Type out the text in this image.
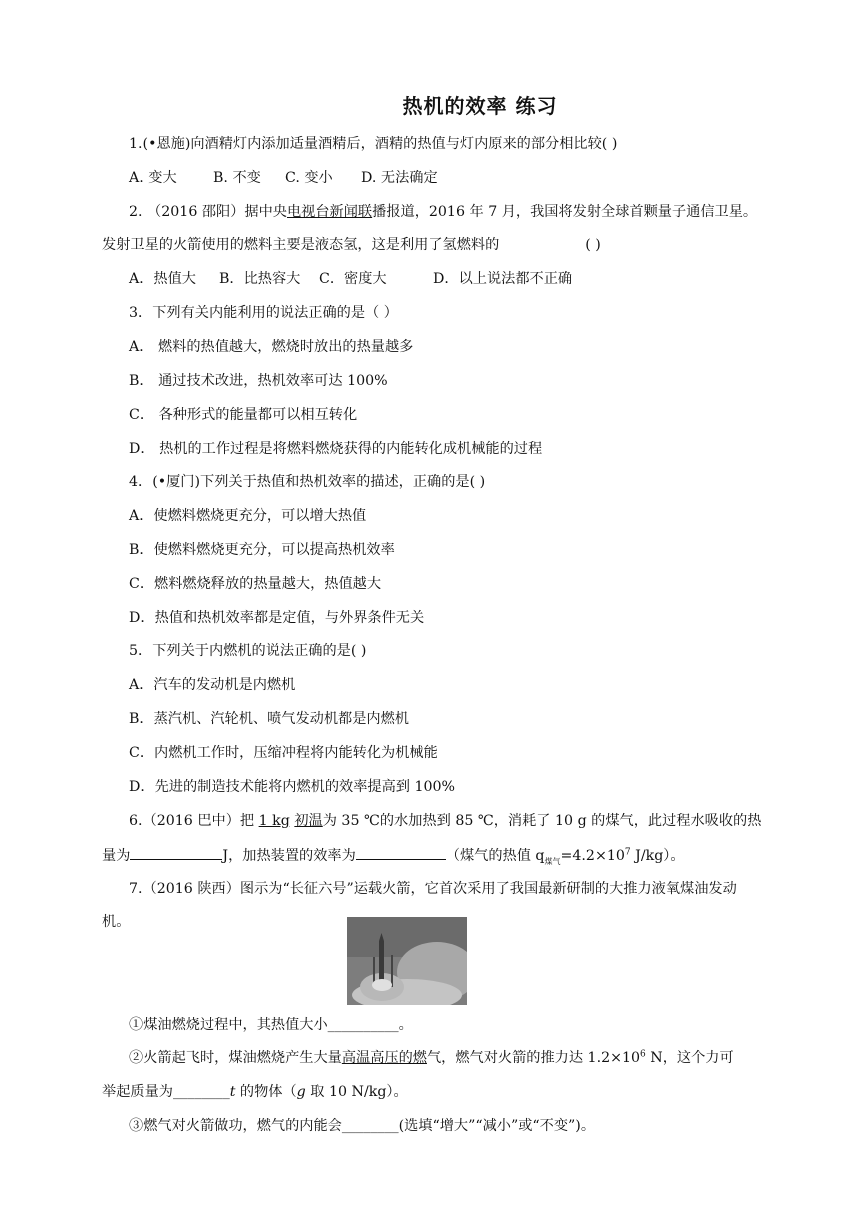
热机的效率 练习
1.(•恩施)向酒精灯内添加适量酒精后，酒精的热值与灯内原来的部分相比较( )
A. 变大	B. 不变 C. 变小 D. 无法确定
2. （2016 邵阳）据中央电视台新闻联播报道，2016 年 7 月，我国将发射全球首颗量子通信卫星。
发射卫星的火箭使用的燃料主要是液态氢，这是利用了氢燃料的	( )
A．热值大 B．比热容大 C．密度大	D．以上说法都不正确
3．下列有关内能利用的说法正确的是（ ）
A． 燃料的热值越大，燃烧时放出的热量越多
B． 通过技术改进，热机效率可达 100%
C． 各种形式的能量都可以相互转化
D． 热机的工作过程是将燃料燃烧获得的内能转化成机械能的过程
4．(•厦门)下列关于热值和热机效率的描述，正确的是( )
A．使燃料燃烧更充分，可以增大热值
B．使燃料燃烧更充分，可以提高热机效率
C．燃料燃烧释放的热量越大，热值越大
D．热值和热机效率都是定值，与外界条件无关
5．下列关于内燃机的说法正确的是( )
A．汽车的发动机是内燃机
B．蒸汽机、汽轮机、喷气发动机都是内燃机
C．内燃机工作时，压缩冲程将内能转化为机械能
D．先进的制造技术能将内燃机的效率提高到 100%
6.（2016 巴中）把 1 kg 初温为 35 ℃的水加热到 85 ℃，消耗了 10 g 的煤气，此过程水吸收的热
量为	J，加热装置的效率为	（煤气的热值 $q_{煤气}=4.2\times 10^7$ J/kg）。
7.（2016 陕西）图示为“长征六号”运载火箭，它首次采用了我国最新研制的大推力液氧煤油发动
机。
①煤油燃烧过程中，其热值大小__________。
②火箭起飞时，煤油燃烧产生大量高温高压的燃气，燃气对火箭的推力达 $1.2\times 10^6$ N，这个力可
举起质量为________t 的物体（g 取 10 N/kg）。
③燃气对火箭做功，燃气的内能会________(选填“增大”“减小”或“不变”)。
